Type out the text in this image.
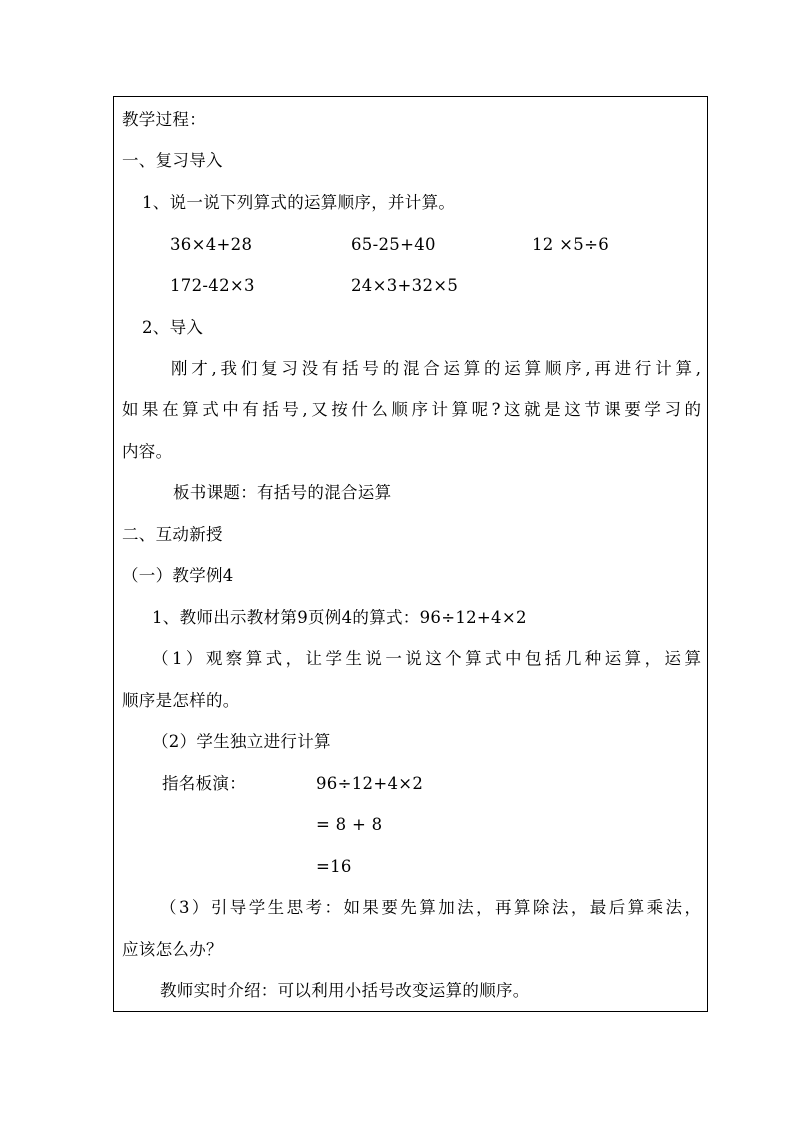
教学过程：
一、复习导入
1、说一说下列算式的运算顺序，并计算。
36×4+28	65-25+40	12 ×5÷6
172-42×3	24×3+32×5
2、导入
刚才,我们复习没有括号的混合运算的运算顺序,再进行计算,
如果在算式中有括号,又按什么顺序计算呢?这就是这节课要学习的
内容。
板书课题：有括号的混合运算
二、互动新授
（一）教学例4
1、教师出示教材第9页例4的算式：96÷12+4×2
（1）观察算式，让学生说一说这个算式中包括几种运算，运算
顺序是怎样的。
（2）学生独立进行计算
指名板演：	96÷12+4×2
= 8 + 8
=16
（3）引导学生思考：如果要先算加法，再算除法，最后算乘法，
应该怎么办？
教师实时介绍：可以利用小括号改变运算的顺序。
